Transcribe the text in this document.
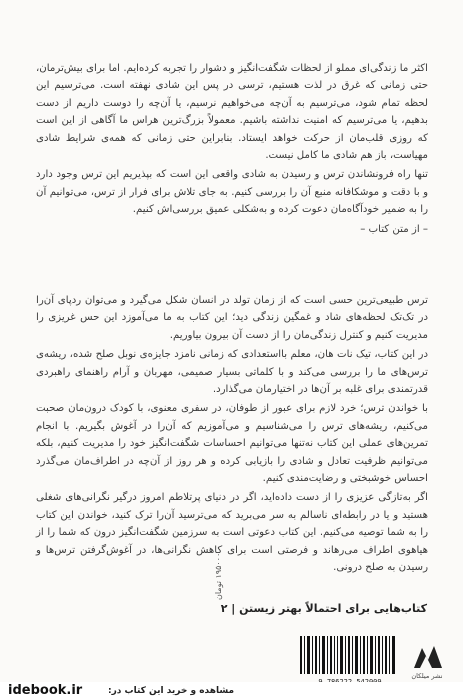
اکثر ما زندگی‌ای مملو از لحظات شگفت‌انگیز و دشوار را تجربه کرده‌ایم. اما برای بیش‌ترمان، حتی زمانی که غرق در لذت هستیم، ترسی در پس این شادی نهفته است. می‌ترسیم این لحظه تمام شود، می‌ترسیم به آن‌چه می‌خواهیم نرسیم، یا آن‌چه را دوست داریم از دست بدهیم، یا می‌ترسیم که امنیت نداشته باشیم. معمولاً بزرگ‌ترین هراس ما آگاهی از این است که روزی قلب‌مان از حرکت خواهد ایستاد. بنابراین حتی زمانی که همه‌ی شرایط شادی مهیاست، باز هم شادی ما کامل نیست.

تنها راه فرونشاندن ترس و رسیدن به شادی واقعی این است که بپذیریم این ترس وجود دارد و با دقت و موشکافانه منبع آن را بررسی کنیم. به جای تلاش برای فرار از ترس، می‌توانیم آن را به ضمیر خودآگاه‌مان دعوت کرده و به‌شکلی عمیق بررسی‌اش کنیم.

– از متن کتاب –

ترس طبیعی‌ترین حسی است که از زمان تولد در انسان شکل می‌گیرد و می‌توان ردپای آن‌را در تک‌تک لحظه‌های شاد و غمگین زندگی دید؛ این کتاب به ما می‌آموزد این حس غریزی را مدیریت کنیم و کنترل زندگی‌مان را از دست آن بیرون بیاوریم.

در این کتاب، تیک نات هان، معلم بااستعدادی که زمانی نامزد جایزه‌ی نوبل صلح شده، ریشه‌ی ترس‌های ما را بررسی می‌کند و با کلماتی بسیار صمیمی، مهربان و آرام راهنمای راهبردی قدرتمندی برای غلبه بر آن‌ها در اختیارمان می‌گذارد.

با خواندن ترس؛ خرد لازم برای عبور از طوفان، در سفری معنوی، با کودک درون‌مان صحبت می‌کنیم، ریشه‌های ترس را می‌شناسیم و می‌آموزیم که آن‌را در آغوش بگیریم. با انجام تمرین‌های عملی این کتاب نه‌تنها می‌توانیم احساسات شگفت‌انگیز خود را مدیریت کنیم، بلکه می‌توانیم ظرفیت تعادل و شادی را بازیابی کرده و هر روز از آن‌چه در اطراف‌مان می‌گذرد احساس خوشبختی و رضایت‌مندی کنیم.

اگر به‌تازگی عزیزی را از دست داده‌اید، اگر در دنیای پرتلاطم امروز درگیر نگرانی‌های شغلی هستید و یا در رابطه‌ای ناسالم به سر می‌برید که می‌ترسید آن‌را ترک کنید، خواندن این کتاب را به شما توصیه می‌کنیم. این کتاب دعوتی است به سرزمین شگفت‌انگیز درون که شما را از هیاهوی اطراف می‌رهاند و فرصتی است برای کاهش نگرانی‌ها، در آغوش‌گرفتن ترس‌ها و رسیدن به صلح درونی.

کتاب‌هایی برای احتمالاً بهتر زیستن | ۲
۱۹۵۰۰۰ تومان
نشر میلکان
idebook.ir	مشاهده و خرید این کتاب در:
